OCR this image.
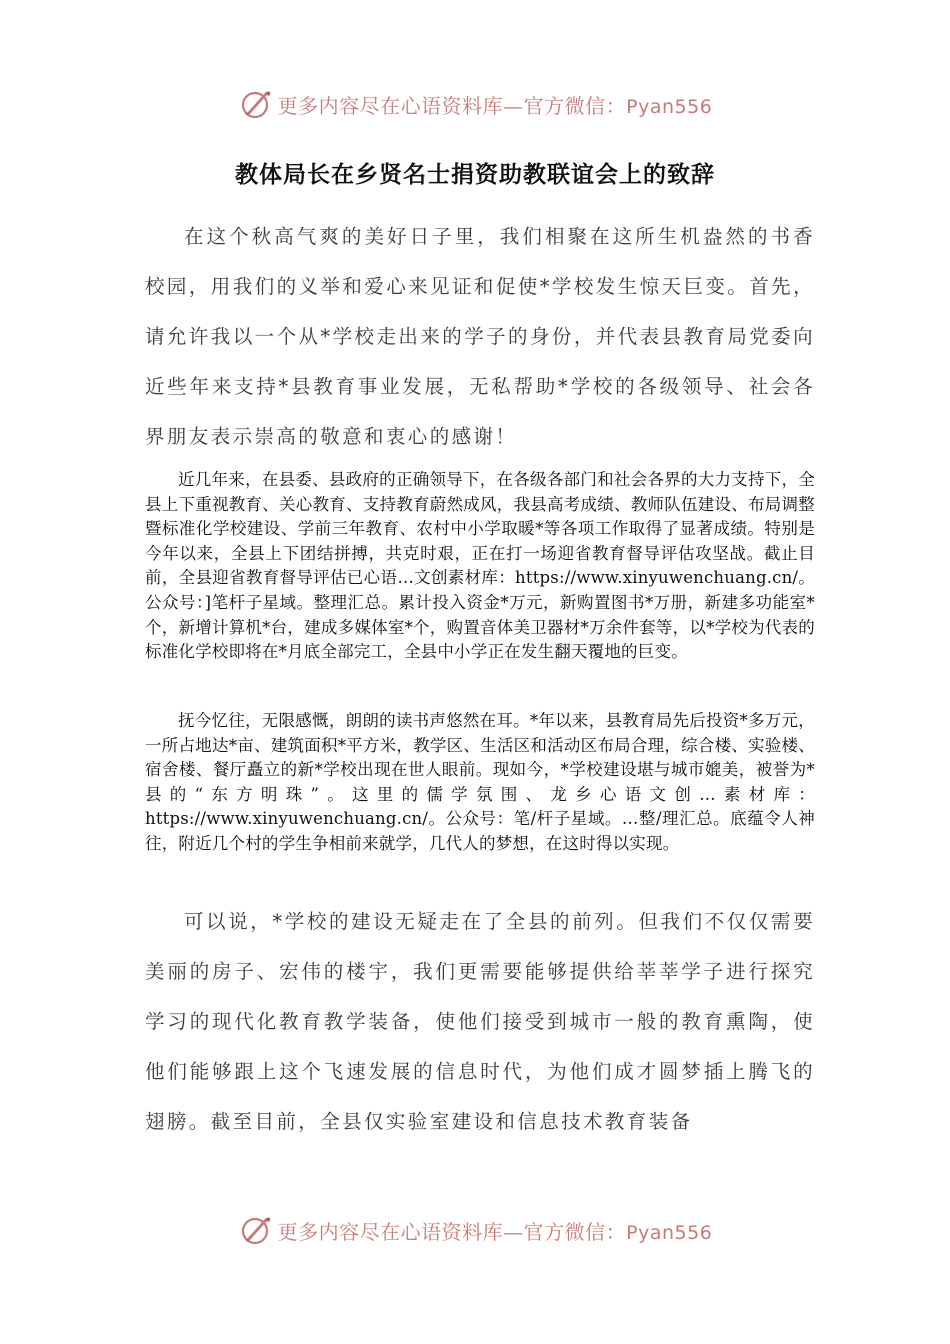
更多内容尽在心语资料库—官方微信：Pyan556
教体局长在乡贤名士捐资助教联谊会上的致辞

在这个秋高气爽的美好日子里，我们相聚在这所生机盎然的书香校园，用我们的义举和爱心来见证和促使*学校发生惊天巨变。首先，请允许我以一个从*学校走出来的学子的身份，并代表县教育局党委向近些年来支持*县教育事业发展，无私帮助*学校的各级领导、社会各界朋友表示崇高的敬意和衷心的感谢！

近几年来，在县委、县政府的正确领导下，在各级各部门和社会各界的大力支持下，全县上下重视教育、关心教育、支持教育蔚然成风，我县高考成绩、教师队伍建设、布局调整暨标准化学校建设、学前三年教育、农村中小学取暖*等各项工作取得了显著成绩。特别是今年以来，全县上下团结拼搏，共克时艰，正在打一场迎省教育督导评估攻坚战。截止目前，全县迎省教育督导评估已心语…文创素材库：https://www.xinyuwenchuang.cn/。公众号：]笔杆子星域。整理汇总。累计投入资金*万元，新购置图书*万册，新建多功能室*个，新增计算机*台，建成多媒体室*个，购置音体美卫器材*万余件套等，以*学校为代表的标准化学校即将在*月底全部完工，全县中小学正在发生翻天覆地的巨变。

抚今忆往，无限感慨，朗朗的读书声悠然在耳。*年以来，县教育局先后投资*多万元，一所占地达*亩、建筑面积*平方米，教学区、生活区和活动区布局合理，综合楼、实验楼、宿舍楼、餐厅矗立的新*学校出现在世人眼前。现如今，*学校建设堪与城市媲美，被誉为*县的“东方明珠”。这里的儒学氛围、龙乡心语文创…素材库：https://www.xinyuwenchuang.cn/。公众号：笔/杆子星域。…整/理汇总。底蕴令人神往，附近几个村的学生争相前来就学，几代人的梦想，在这时得以实现。

可以说，*学校的建设无疑走在了全县的前列。但我们不仅仅需要美丽的房子、宏伟的楼宇，我们更需要能够提供给莘莘学子进行探究学习的现代化教育教学装备，使他们接受到城市一般的教育熏陶，使他们能够跟上这个飞速发展的信息时代，为他们成才圆梦插上腾飞的翅膀。截至目前，全县仅实验室建设和信息技术教育装备

更多内容尽在心语资料库—官方微信：Pyan556
